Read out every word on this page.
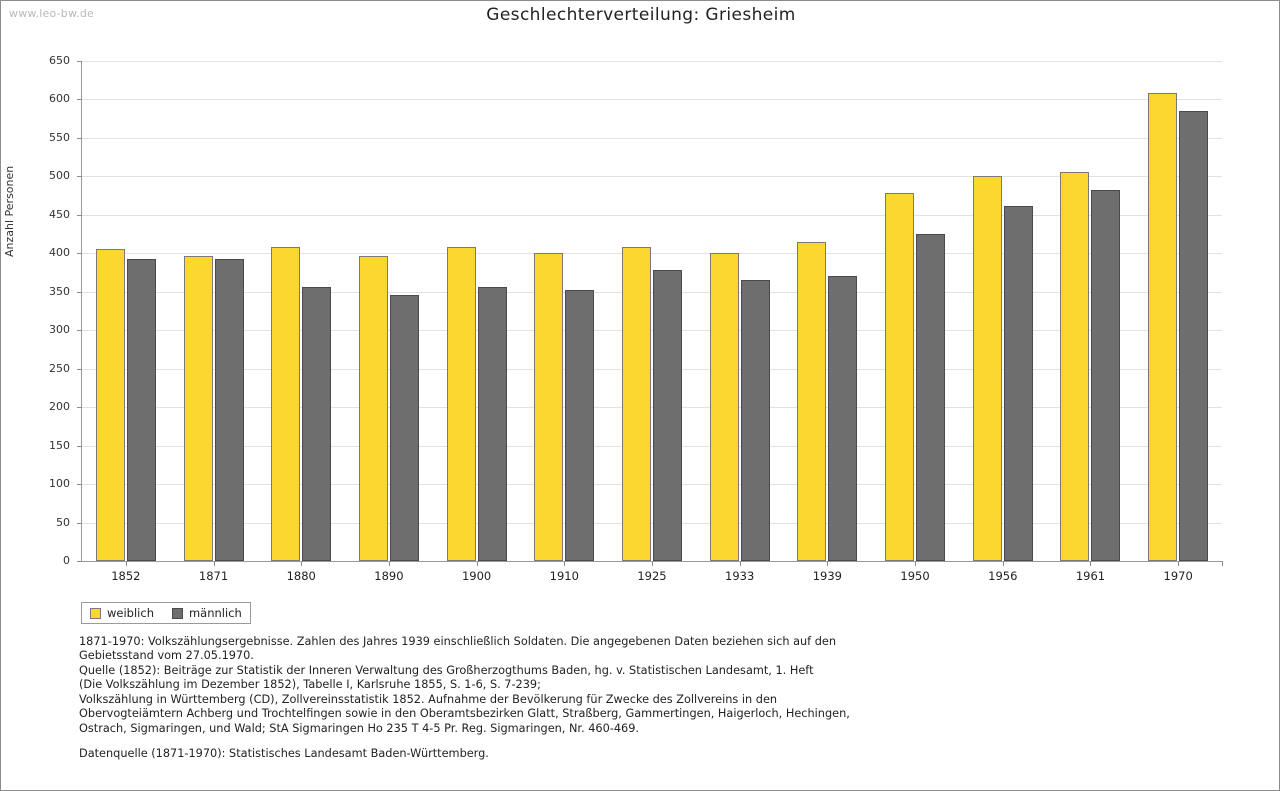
www.leo-bw.de	Geschlechterverteilung: Griesheim
Anzahl Personen
0
50
100
150
200
250
300
350
400
450
500
550
600
650
1852	1871	1880	1890	1900	1910	1925	1933	1939	1950	1956	1961	1970
weiblich	männlich

1871-1970: Volkszählungsergebnisse. Zahlen des Jahres 1939 einschließlich Soldaten. Die angegebenen Daten beziehen sich auf den

Gebietsstand vom 27.05.1970.

Quelle (1852): Beiträge zur Statistik der Inneren Verwaltung des Großherzogthums Baden, hg. v. Statistischen Landesamt, 1. Heft

(Die Volkszählung im Dezember 1852), Tabelle I, Karlsruhe 1855, S. 1-6, S. 7-239;

Volkszählung in Württemberg (CD), Zollvereinsstatistik 1852. Aufnahme der Bevölkerung für Zwecke des Zollvereins in den

Obervogteiämtern Achberg und Trochtelfingen sowie in den Oberamtsbezirken Glatt, Straßberg, Gammertingen, Haigerloch, Hechingen,

Ostrach, Sigmaringen, und Wald; StA Sigmaringen Ho 235 T 4-5 Pr. Reg. Sigmaringen, Nr. 460-469.

Datenquelle (1871-1970): Statistisches Landesamt Baden-Württemberg.
